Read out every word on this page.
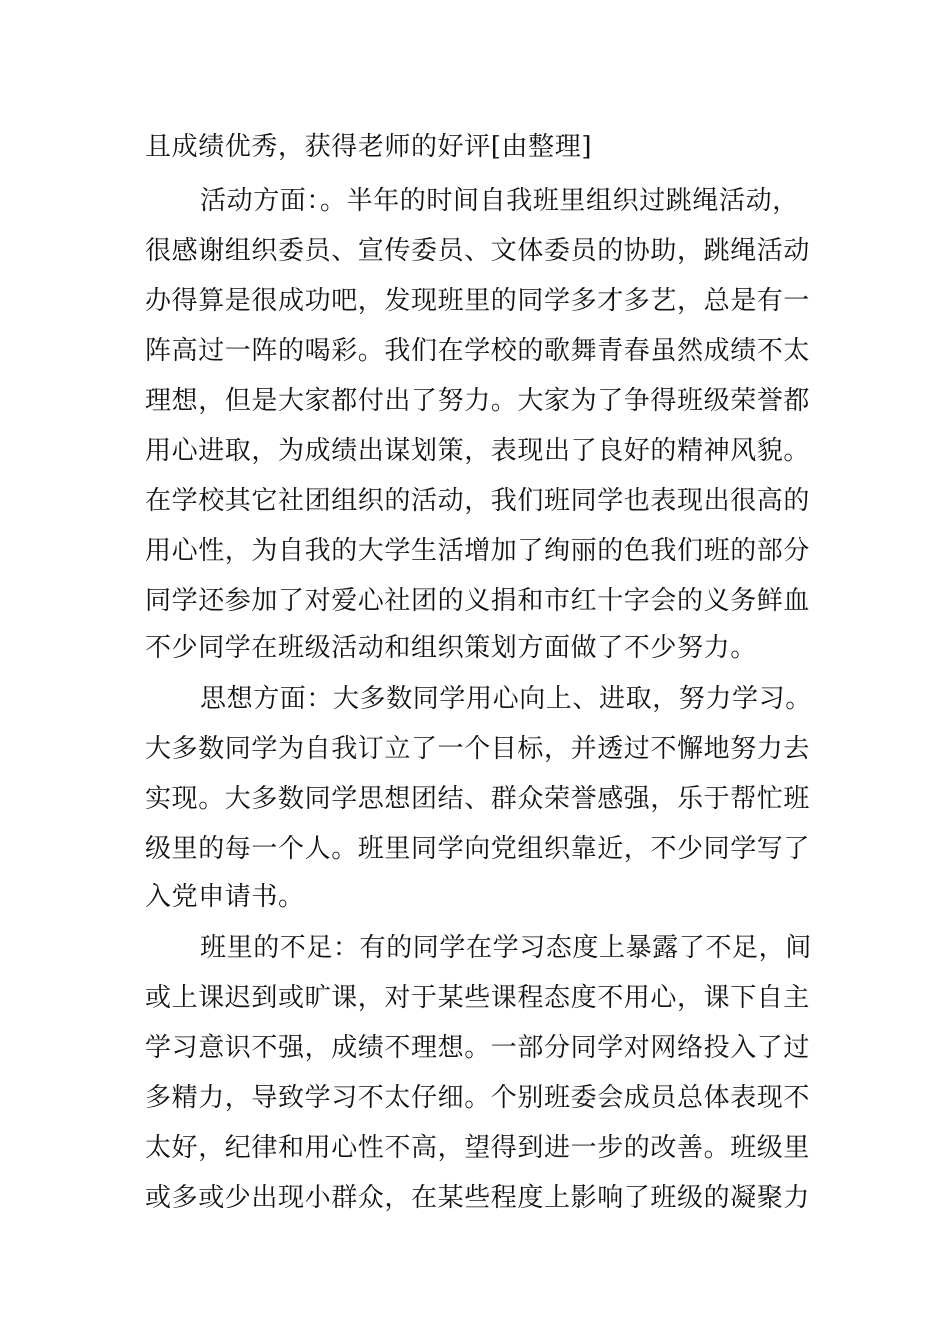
且成绩优秀，获得老师的好评[由整理]
活动方面：。半年的时间自我班里组织过跳绳活动，
很感谢组织委员、宣传委员、文体委员的协助，跳绳活动
办得算是很成功吧，发现班里的同学多才多艺，总是有一
阵高过一阵的喝彩。我们在学校的歌舞青春虽然成绩不太
理想，但是大家都付出了努力。大家为了争得班级荣誉都
用心进取，为成绩出谋划策，表现出了良好的精神风貌。
在学校其它社团组织的活动，我们班同学也表现出很高的
用心性，为自我的大学生活增加了绚丽的色我们班的部分
同学还参加了对爱心社团的义捐和市红十字会的义务鲜血
不少同学在班级活动和组织策划方面做了不少努力。
思想方面：大多数同学用心向上、进取，努力学习。
大多数同学为自我订立了一个目标，并透过不懈地努力去
实现。大多数同学思想团结、群众荣誉感强，乐于帮忙班
级里的每一个人。班里同学向党组织靠近，不少同学写了
入党申请书。
班里的不足：有的同学在学习态度上暴露了不足，间
或上课迟到或旷课，对于某些课程态度不用心，课下自主
学习意识不强，成绩不理想。一部分同学对网络投入了过
多精力，导致学习不太仔细。个别班委会成员总体表现不
太好，纪律和用心性不高，望得到进一步的改善。班级里
或多或少出现小群众，在某些程度上影响了班级的凝聚力
